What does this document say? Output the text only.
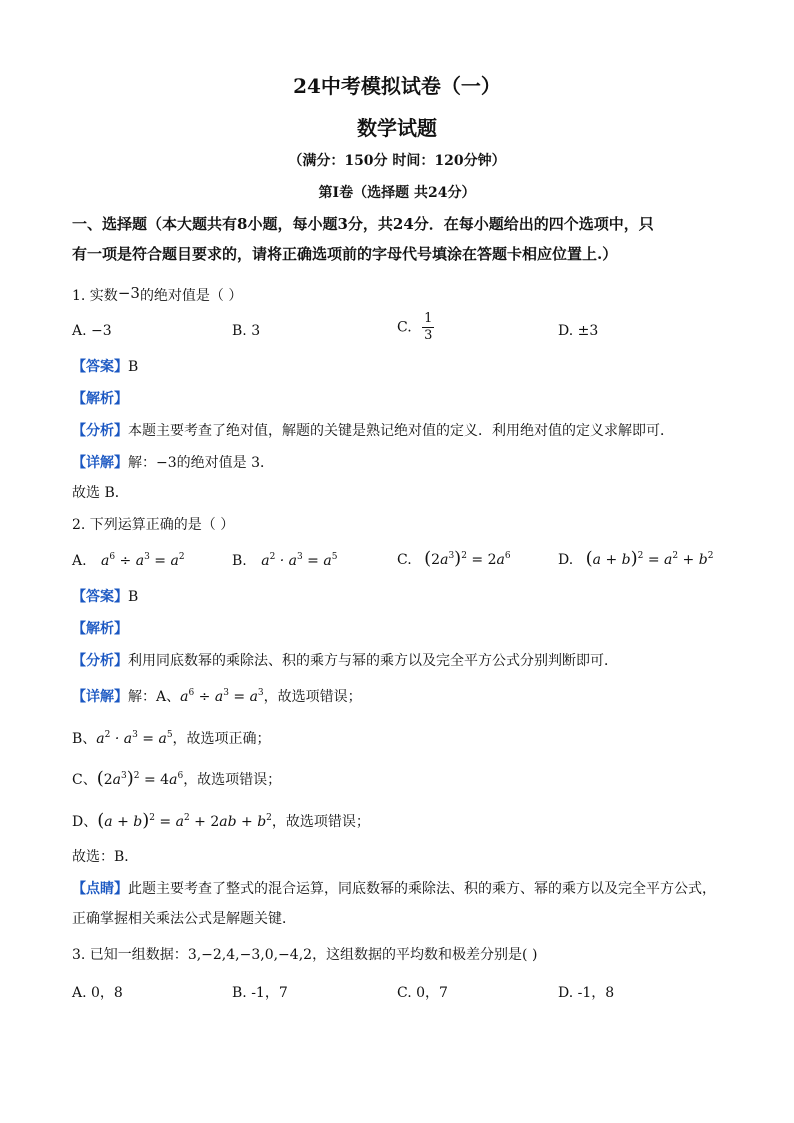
24中考模拟试卷（一）
数学试题
（满分：150分 时间：120分钟）
第I卷（选择题 共24分）
一、选择题（本大题共有8小题，每小题3分，共24分．在每小题给出的四个选项中，只
有一项是符合题目要求的，请将正确选项前的字母代号填涂在答题卡相应位置上.）
1. 实数−3的绝对值是（ ）
A. −3	B. 3	C. $\frac{1}{3}$	D. ±3
【答案】B
【解析】
【分析】本题主要考查了绝对值，解题的关键是熟记绝对值的定义．利用绝对值的定义求解即可．
【详解】解：−3的绝对值是 3．
故选 B．
2. 下列运算正确的是（ ）
A. $a^6 \div a^3 = a^2$	B. $a^2 \cdot a^3 = a^5$	C. $(2a^3)^2 = 2a^6$	D. $(a + b)^2 = a^2 + b^2$
【答案】B
【解析】
【分析】利用同底数幂的乘除法、积的乘方与幂的乘方以及完全平方公式分别判断即可．
【详解】解：A、$a^6 \div a^3 = a^3$，故选项错误；
B、$a^2 \cdot a^3 = a^5$，故选项正确；
C、$(2a^3)^2 = 4a^6$，故选项错误；
D、$(a + b)^2 = a^2 + 2ab + b^2$，故选项错误；
故选：B．
【点睛】此题主要考查了整式的混合运算，同底数幂的乘除法、积的乘方、幂的乘方以及完全平方公式，
正确掌握相关乘法公式是解题关键．
3. 已知一组数据：3,−2,4,−3,0,−4,2，这组数据的平均数和极差分别是( )
A. 0，8	B. -1，7	C. 0，7	D. -1，8
